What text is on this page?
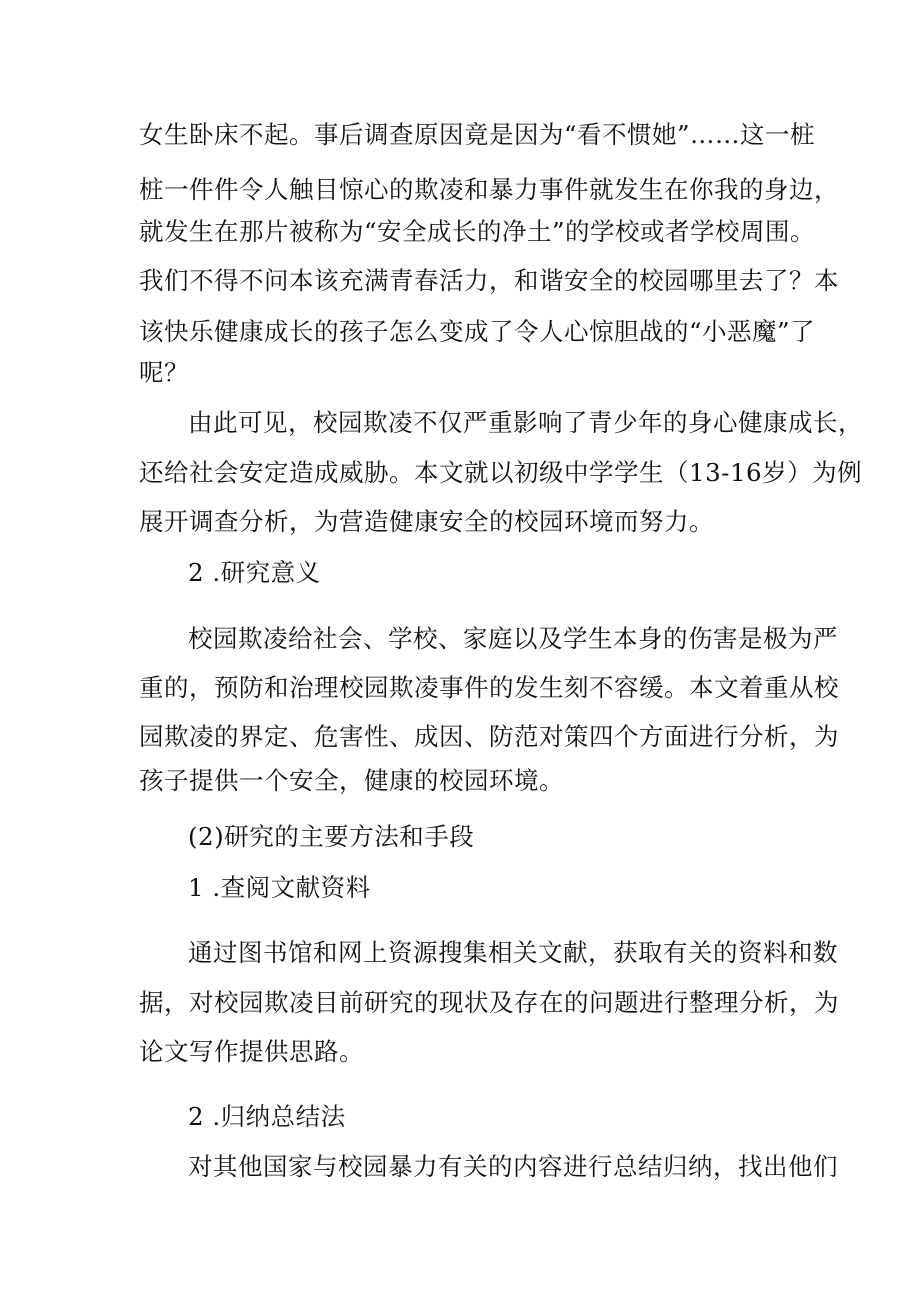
女生卧床不起。事后调查原因竟是因为“看不惯她”……这一桩
桩一件件令人触目惊心的欺凌和暴力事件就发生在你我的身边，
就发生在那片被称为“安全成长的净土”的学校或者学校周围。
我们不得不问本该充满青春活力，和谐安全的校园哪里去了？本
该快乐健康成长的孩子怎么变成了令人心惊胆战的“小恶魔”了
呢？
由此可见，校园欺凌不仅严重影响了青少年的身心健康成长，
还给社会安定造成威胁。本文就以初级中学学生（13-16岁）为例
展开调查分析，为营造健康安全的校园环境而努力。
2 .研究意义
校园欺凌给社会、学校、家庭以及学生本身的伤害是极为严
重的，预防和治理校园欺凌事件的发生刻不容缓。本文着重从校
园欺凌的界定、危害性、成因、防范对策四个方面进行分析，为
孩子提供一个安全，健康的校园环境。
(2)研究的主要方法和手段
1 .查阅文献资料
通过图书馆和网上资源搜集相关文献，获取有关的资料和数
据，对校园欺凌目前研究的现状及存在的问题进行整理分析，为
论文写作提供思路。
2 .归纳总结法
对其他国家与校园暴力有关的内容进行总结归纳，找出他们
